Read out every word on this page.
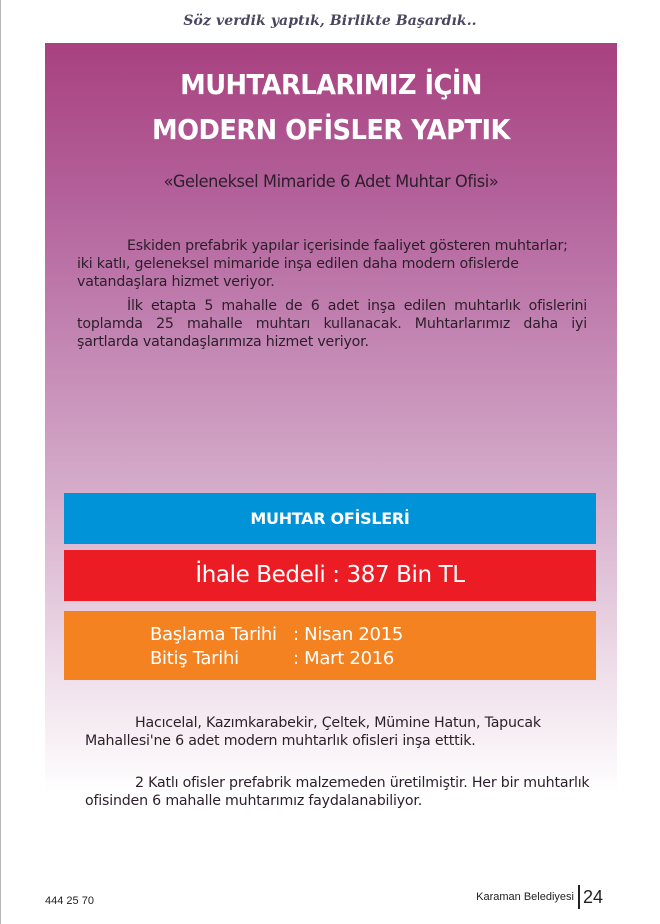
Söz verdik yaptık, Birlikte Başardık..
MUHTARLARIMIZ İÇİN
MODERN OFİSLER YAPTIK
«Geleneksel Mimaride 6 Adet Muhtar Ofisi»
Eskiden prefabrik yapılar içerisinde faaliyet gösteren muhtarlar; iki katlı, geleneksel mimaride inşa edilen daha modern ofislerde vatandaşlara hizmet veriyor.
İlk etapta 5 mahalle de 6 adet inşa edilen muhtarlık ofislerini toplamda 25 mahalle muhtarı kullanacak. Muhtarlarımız daha iyi şartlarda vatandaşlarımıza hizmet veriyor.
MUHTAR OFİSLERİ
İhale Bedeli : 387 Bin TL
Başlama Tarihi : Nisan 2015
Bitiş Tarihi	: Mart 2016
Hacıcelal, Kazımkarabekir, Çeltek, Mümine Hatun, Tapucak Mahallesi'ne 6 adet modern muhtarlık ofisleri inşa etttik.
2 Katlı ofisler prefabrik malzemeden üretilmiştir. Her bir muhtarlık ofisinden 6 mahalle muhtarımız faydalanabiliyor.
444 25 70	Karaman Belediyesi 24
